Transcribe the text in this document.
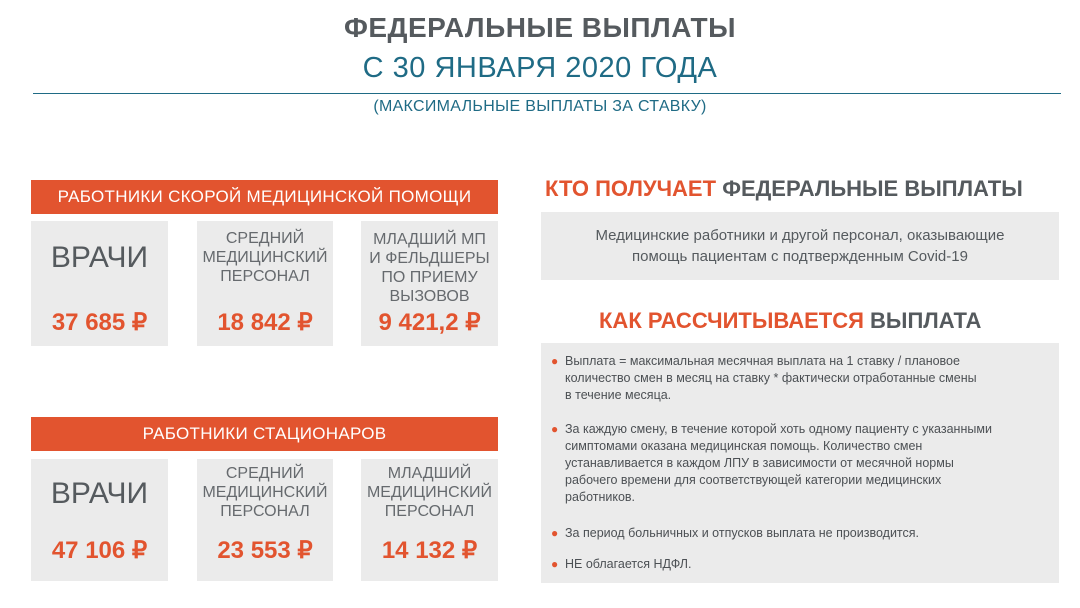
ФЕДЕРАЛЬНЫЕ ВЫПЛАТЫ
С 30 ЯНВАРЯ 2020 ГОДА
(МАКСИМАЛЬНЫЕ ВЫПЛАТЫ ЗА СТАВКУ)
РАБОТНИКИ СКОРОЙ МЕДИЦИНСКОЙ ПОМОЩИ
ВРАЧИ
37 685 ₽
СРЕДНИЙ
МЕДИЦИНСКИЙ
ПЕРСОНАЛ
18 842 ₽
МЛАДШИЙ МП
И ФЕЛЬДШЕРЫ
ПО ПРИЕМУ
ВЫЗОВОВ
9 421,2 ₽
РАБОТНИКИ СТАЦИОНАРОВ
ВРАЧИ
47 106 ₽
СРЕДНИЙ
МЕДИЦИНСКИЙ
ПЕРСОНАЛ
23 553 ₽
МЛАДШИЙ
МЕДИЦИНСКИЙ
ПЕРСОНАЛ
14 132 ₽
КТО ПОЛУЧАЕТ ФЕДЕРАЛЬНЫЕ ВЫПЛАТЫ
Медицинские работники и другой персонал, оказывающие
помощь пациентам с подтвержденным Covid-19
КАК РАССЧИТЫВАЕТСЯ ВЫПЛАТА
● Выплата = максимальная месячная выплата на 1 ставку / плановое
количество смен в месяц на ставку * фактически отработанные смены
в течение месяца.
● За каждую смену, в течение которой хоть одному пациенту с указанными
симптомами оказана медицинская помощь. Количество смен
устанавливается в каждом ЛПУ в зависимости от месячной нормы
рабочего времени для соответствующей категории медицинских
работников.
● За период больничных и отпусков выплата не производится.
● НЕ облагается НДФЛ.
